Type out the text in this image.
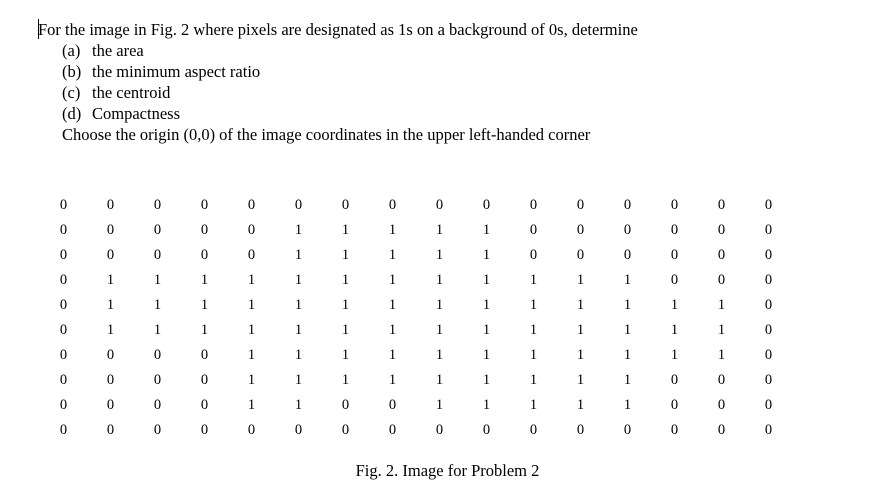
For the image in Fig. 2 where pixels are designated as 1s on a background of 0s, determine
(a) the area
(b) the minimum aspect ratio
(c) the centroid
(d) Compactness
Choose the origin (0,0) of the image coordinates in the upper left-handed corner
0	0	0	0	0	0	0	0	0	0	0	0	0	0	0	0
0	0	0	0	0	1	1	1	1	1	0	0	0	0	0	0
0	0	0	0	0	1	1	1	1	1	0	0	0	0	0	0
0	1	1	1	1	1	1	1	1	1	1	1	1	0	0	0
0	1	1	1	1	1	1	1	1	1	1	1	1	1	1	0
0	1	1	1	1	1	1	1	1	1	1	1	1	1	1	0
0	0	0	0	1	1	1	1	1	1	1	1	1	1	1	0
0	0	0	0	1	1	1	1	1	1	1	1	1	0	0	0
0	0	0	0	1	1	0	0	1	1	1	1	1	0	0	0
0	0	0	0	0	0	0	0	0	0	0	0	0	0	0	0
Fig. 2. Image for Problem 2
